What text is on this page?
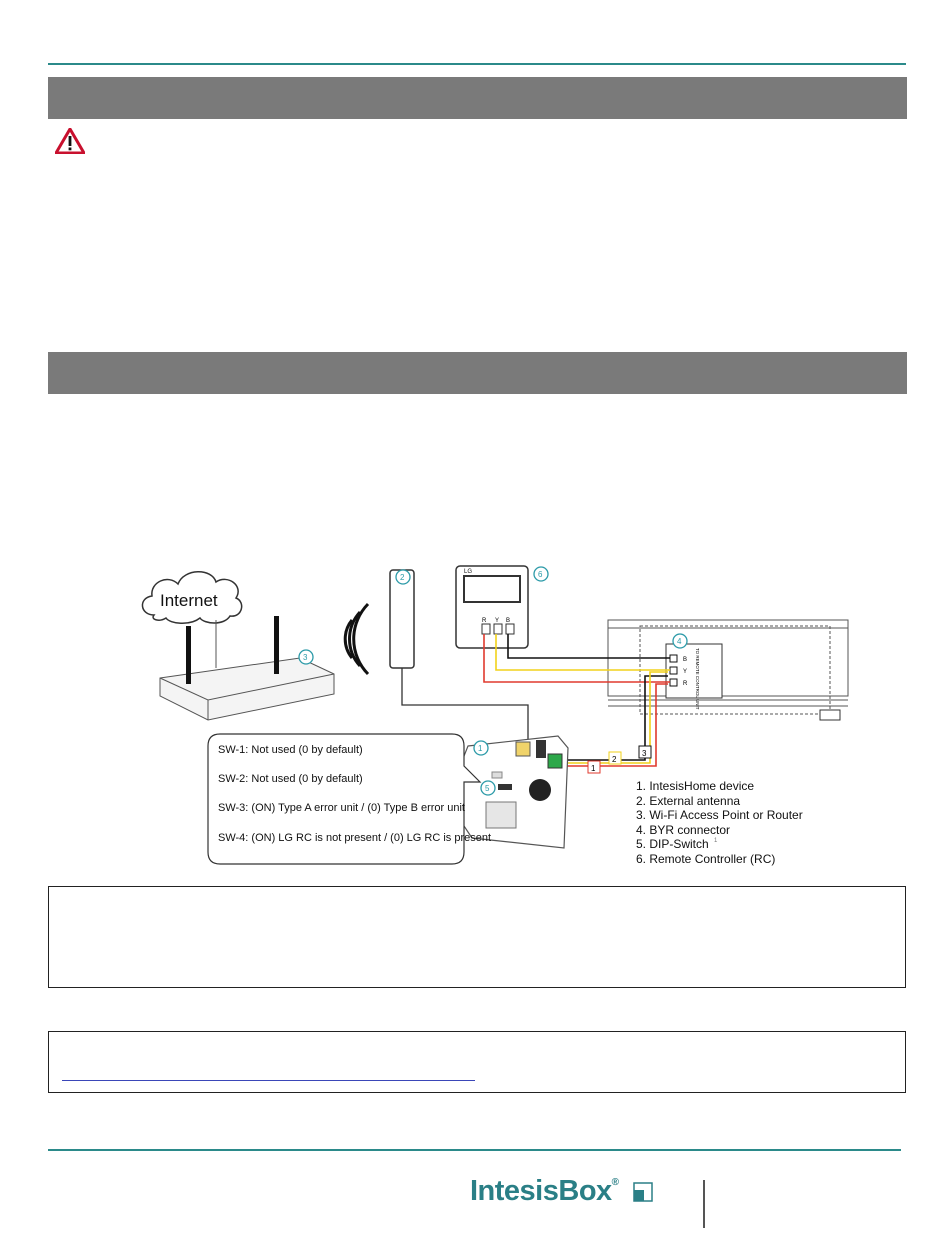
Internet
3
2
LG
R Y B
6
B
Y
R TO REMOTE CONTROL UNIT
4
1
2
3
1
5
SW-1: Not used (0 by default)
SW-2: Not used (0 by default)
SW-3: (ON) Type A error unit / (0) Type B error unit
SW-4: (ON) LG RC is not present / (0) LG RC is present
1. IntesisHome device
2. External antenna
3. Wi-Fi Access Point or Router
4. BYR connector
5. DIP-Switch 1
6. Remote Controller (RC)
IntesisBox®
